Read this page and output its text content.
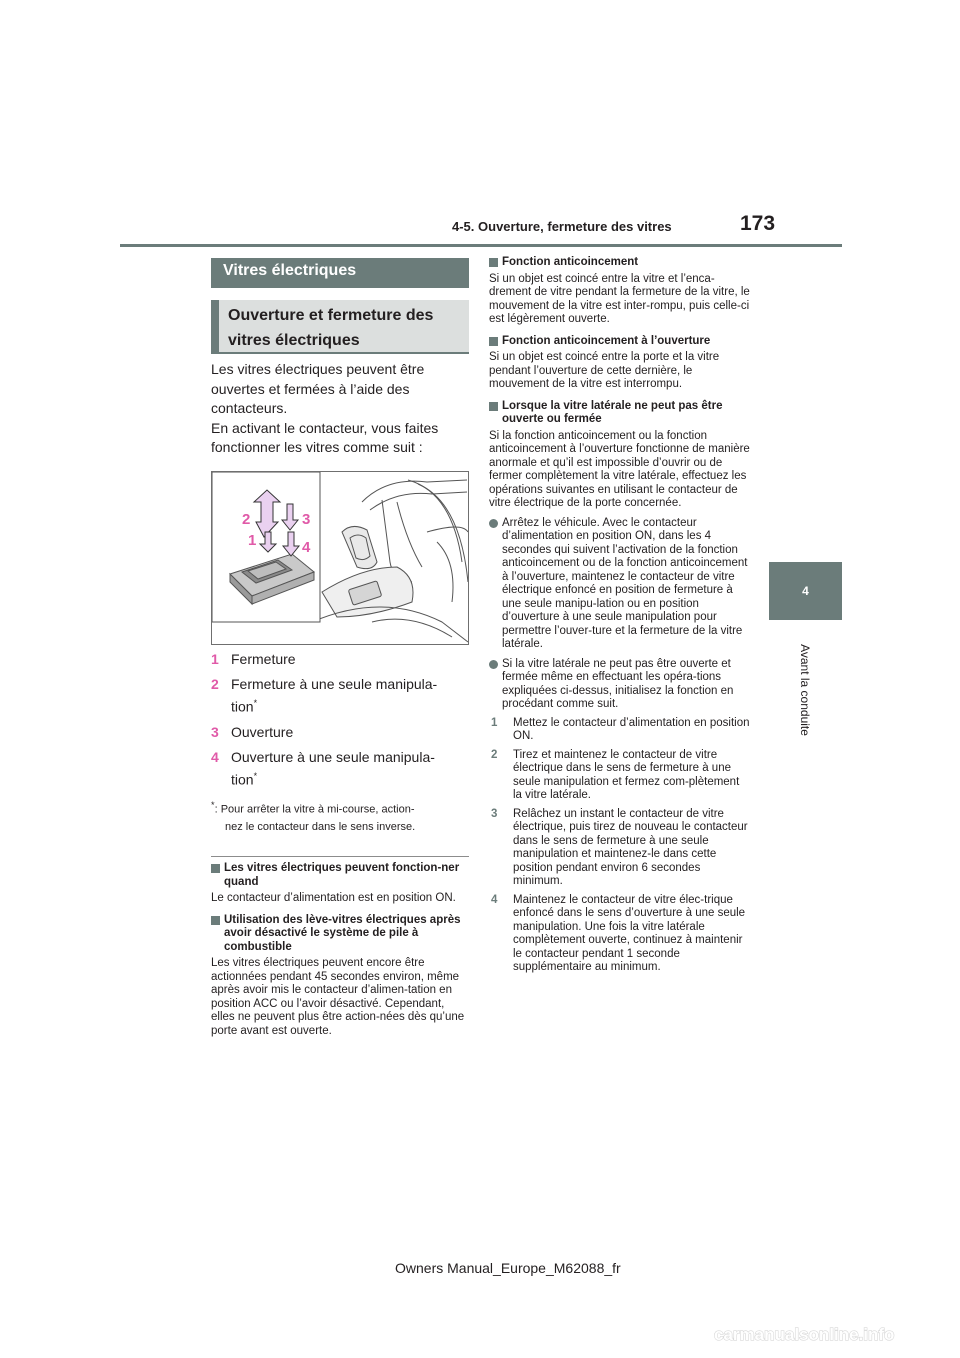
4-5. Ouverture, fermeture des vitres	173
4
Avant la conduite
Vitres électriques
Ouverture et fermeture des
vitres électriques

Les vitres électriques peuvent être

ouvertes et fermées à l’aide des

contacteurs.

En activant le contacteur, vous faites

fonctionner les vitres comme suit :

1
2	3
4
1 Fermeture
2 Fermeture à une seule manipula-
tion*
3 Ouverture
4 Ouverture à une seule manipula-
tion*
*: Pour arrêter la vitre à mi-course, action-
nez le contacteur dans le sens inverse.
Les vitres électriques peuvent fonction-ner quand
Le contacteur d’alimentation est en position ON.
Utilisation des lève-vitres électriques après avoir désactivé le système de pile à combustible
Les vitres électriques peuvent encore être actionnées pendant 45 secondes environ, même après avoir mis le contacteur d’alimen-tation en position ACC ou l’avoir désactivé. Cependant, elles ne peuvent plus être action-nées dès qu’une porte avant est ouverte.
Fonction anticoincement
Si un objet est coincé entre la vitre et l’enca-drement de vitre pendant la fermeture de la vitre, le mouvement de la vitre est inter-rompu, puis celle-ci est légèrement ouverte.
Fonction anticoincement à l’ouverture
Si un objet est coincé entre la porte et la vitre pendant l’ouverture de cette dernière, le mouvement de la vitre est interrompu.
Lorsque la vitre latérale ne peut pas être ouverte ou fermée
Si la fonction anticoincement ou la fonction anticoincement à l’ouverture fonctionne de manière anormale et qu’il est impossible d’ouvrir ou de fermer complètement la vitre latérale, effectuez les opérations suivantes en utilisant le contacteur de vitre électrique de la porte concernée.
Arrêtez le véhicule. Avec le contacteur d’alimentation en position ON, dans les 4 secondes qui suivent l’activation de la fonction anticoincement ou de la fonction anticoincement à l’ouverture, maintenez le contacteur de vitre électrique enfoncé en position de fermeture à une seule manipu-lation ou en position d’ouverture à une seule manipulation pour permettre l’ouver-ture et la fermeture de la vitre latérale.
Si la vitre latérale ne peut pas être ouverte et fermée même en effectuant les opéra-tions expliquées ci-dessus, initialisez la fonction en procédant comme suit.
1	Mettez le contacteur d’alimentation en position ON.
2	Tirez et maintenez le contacteur de vitre électrique dans le sens de fermeture à une seule manipulation et fermez com-plètement la vitre latérale.
3	Relâchez un instant le contacteur de vitre électrique, puis tirez de nouveau le contacteur dans le sens de fermeture à une seule manipulation et maintenez-le dans cette position pendant environ 6 secondes minimum.
4	Maintenez le contacteur de vitre élec-trique enfoncé dans le sens d’ouverture à une seule manipulation. Une fois la vitre latérale complètement ouverte, continuez à maintenir le contacteur pendant 1 seconde supplémentaire au minimum.
Owners Manual_Europe_M62088_fr
carmanualsonline.info
